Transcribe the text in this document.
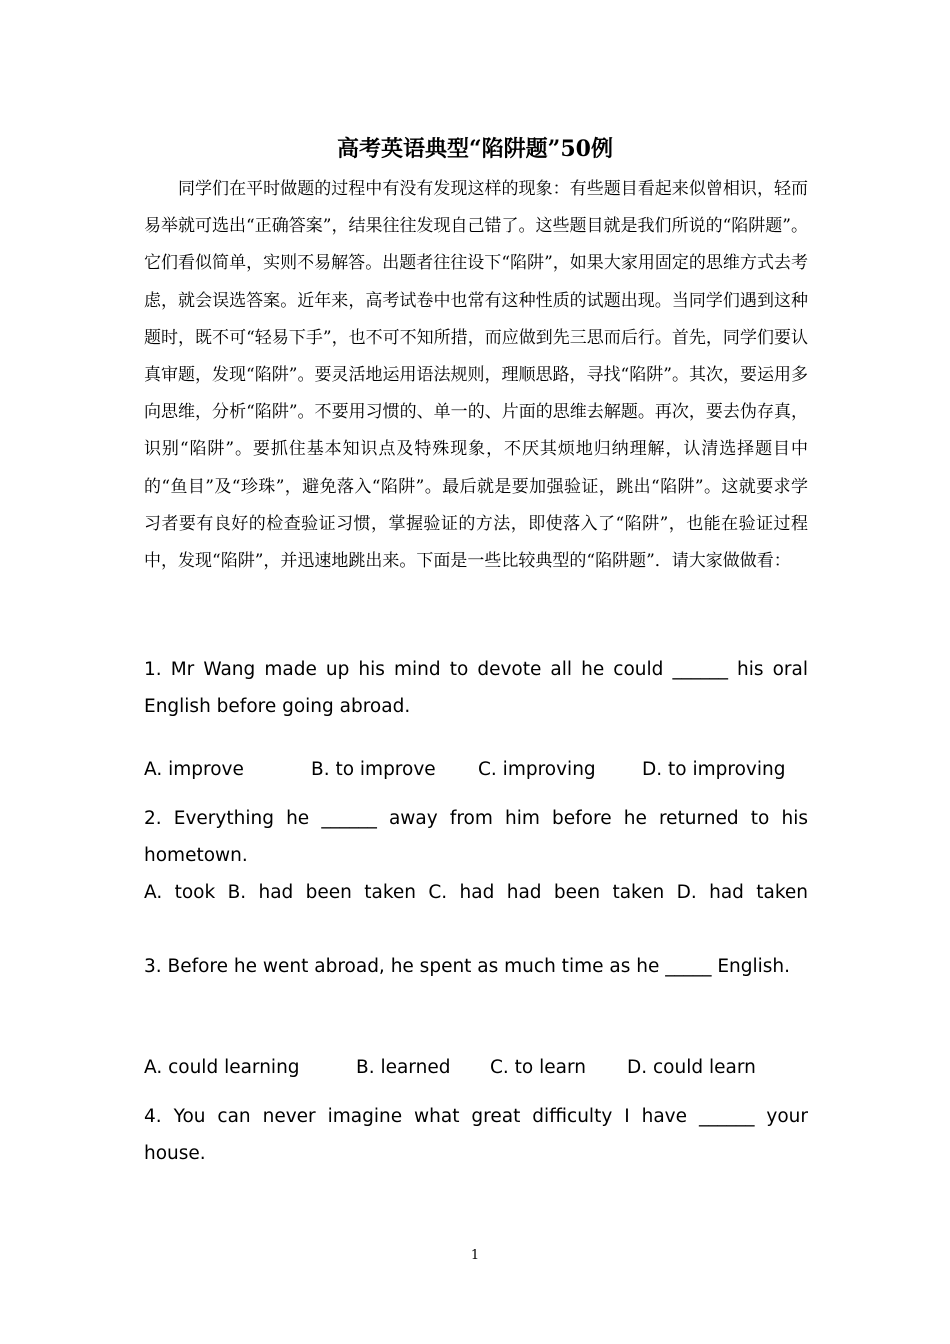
高考英语典型“陷阱题”50例

同学们在平时做题的过程中有没有发现这样的现象：有些题目看起来似曾相识，轻而易举就可选出“正确答案”，结果往往发现自己错了。这些题目就是我们所说的“陷阱题”。它们看似简单，实则不易解答。出题者往往设下“陷阱”，如果大家用固定的思维方式去考虑，就会误选答案。近年来，高考试卷中也常有这种性质的试题出现。当同学们遇到这种题时，既不可“轻易下手”，也不可不知所措，而应做到先三思而后行。首先，同学们要认真审题，发现“陷阱”。要灵活地运用语法规则，理顺思路，寻找“陷阱”。其次，要运用多向思维，分析“陷阱”。不要用习惯的、单一的、片面的思维去解题。再次，要去伪存真，识别“陷阱”。要抓住基本知识点及特殊现象，不厌其烦地归纳理解，认清选择题目中的“鱼目”及“珍珠”，避免落入“陷阱”。最后就是要加强验证，跳出“陷阱”。这就要求学习者要有良好的检查验证习惯，掌握验证的方法，即使落入了“陷阱”，也能在验证过程中，发现“陷阱”，并迅速地跳出来。下面是一些比较典型的“陷阱题”．请大家做做看：

1. Mr Wang made up his mind to devote all he could ______ his oral English before going abroad.

A. improve	B. to improve C. improving	D. to improving

2. Everything he ______ away from him before he returned to his hometown.

A. took B. had been taken C. had had been taken D. had taken

3. Before he went abroad, he spent as much time as he _____ English.

A. could learning	B. learned C. to learn D. could learn

4. You can never imagine what great difficulty I have ______ your house.

1
